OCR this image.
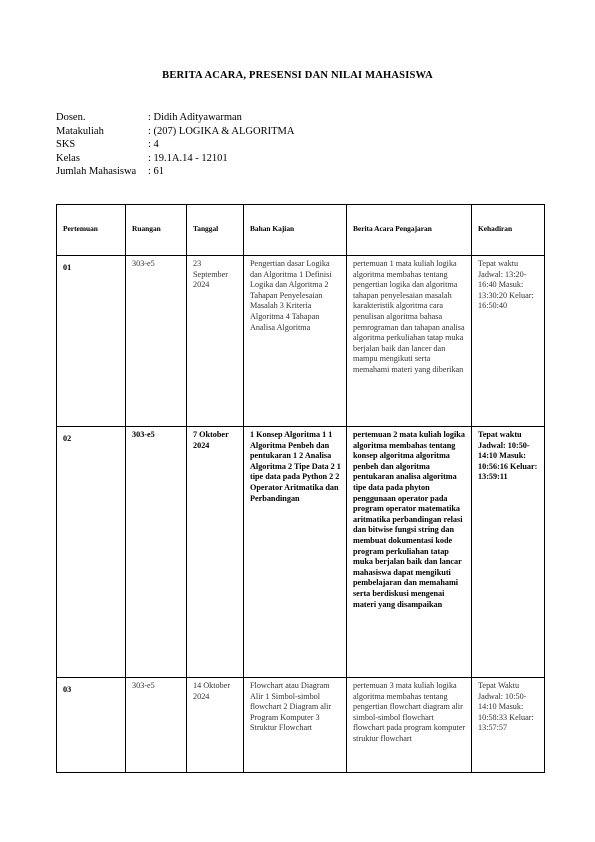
BERITA ACARA, PRESENSI DAN NILAI MAHASISWA
Dosen.	: Didih Adityawarman
Matakuliah	: (207) LOGIKA & ALGORITMA
SKS	: 4
Kelas	: 19.1A.14 - 12101
Jumlah Mahasiswa	: 61
Pertemuan	Ruangan	Tanggal	Bahan Kajian	Berita Acara Pengajaran	Kehadiran
01	303-e5	23 September 2024	Pengertian dasar Logika dan Algoritma 1 Definisi Logika dan Algoritma 2 Tahapan Penyelesaian Masalah 3 Kriteria Algoritma 4 Tahapan Analisa Algoritma	pertemuan 1 mata kuliah logika algoritma membahas tentang pengertian logika dan algoritma tahapan penyelesaian masalah karakteristik algoritma cara penulisan algoritma bahasa pemrograman dan tahapan analisa algoritma perkuliahan tatap muka berjalan baik dan lancer dan mampu mengikuti serta memahami materi yang diberikan	Tepat waktu Jadwal: 13:20-16:40 Masuk: 13:30:20 Keluar: 16:50:40
02	303-e5	7 Oktober 2024	1 Konsep Algoritma 1 1 Algoritma Penbeh dan pentukaran 1 2 Analisa Algoritma 2 Tipe Data 2 1 tipe data pada Python 2 2 Operator Aritmatika dan Perbandingan	pertemuan 2 mata kuliah logika algoritma membahas tentang konsep algoritma algoritma penbeh dan algoritma pentukaran analisa algoritma tipe data pada phyton penggunaan operator pada program operator matematika aritmatika perbandingan relasi dan bitwise fungsi string dan membuat dokumentasi kode program perkuliahan tatap muka berjalan baik dan lancar mahasiswa dapat mengikuti pembelajaran dan memahami serta berdiskusi mengenai materi yang disampaikan	Tepat waktu Jadwal: 10:50-14:10 Masuk: 10:56:16 Keluar: 13:59:11
03	303-e5	14 Oktober 2024	Flowchart atau Diagram Alir 1 Simbol-simbol flowchart 2 Diagram alir Program Komputer 3 Struktur Flowchart	pertemuan 3 mata kuliah logika algoritma membahas tentang pengertian flowchart diagram alir simbol-simbol flowchart flowchart pada program komputer struktur flowchart	Tepat Waktu Jadwal: 10:50-14:10 Masuk: 10:58:33 Keluar: 13:57:57
